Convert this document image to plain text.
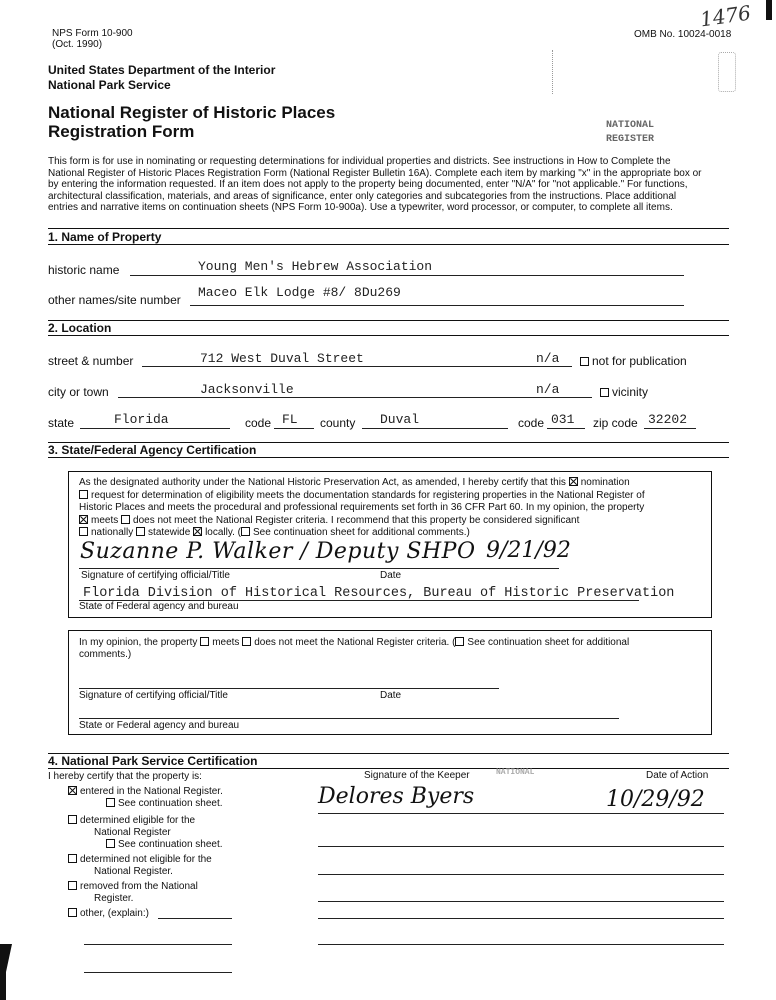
NPS Form 10-900
(Oct. 1990)
OMB No. 10024-0018
1476
United States Department of the Interior
National Park Service
National Register of Historic Places
Registration Form	NATIONAL
REGISTER
This form is for use in nominating or requesting determinations for individual properties and districts. See instructions in How to Complete the
National Register of Historic Places Registration Form (National Register Bulletin 16A). Complete each item by marking "x" in the appropriate box or
by entering the information requested. If an item does not apply to the property being documented, enter "N/A" for "not applicable." For functions,
architectural classification, materials, and areas of significance, enter only categories and subcategories from the instructions. Place additional
entries and narrative items on continuation sheets (NPS Form 10-900a). Use a typewriter, word processor, or computer, to complete all items.
1. Name of Property
historic name	Young Men's Hebrew Association
other names/site number Maceo Elk Lodge #8/ 8Du269
2. Location
street & number	712 West Duval Street	n/a	not for publication
city or town	Jacksonville	n/a	vicinity
state	Florida	code FL county Duval	code 031 zip code 32202
3. State/Federal Agency Certification
As the designated authority under the National Historic Preservation Act, as amended, I hereby certify that this nomination
request for determination of eligibility meets the documentation standards for registering properties in the National Register of
Historic Places and meets the procedural and professional requirements set forth in 36 CFR Part 60. In my opinion, the property
meets does not meet the National Register criteria. I recommend that this property be considered significant
nationally statewide locally. ( See continuation sheet for additional comments.)
Suzanne P. Walker / Deputy SHPO 9/21/92
Signature of certifying official/Title	Date
Florida Division of Historical Resources, Bureau of Historic Preservation
State of Federal agency and bureau
In my opinion, the property meets does not meet the National Register criteria. ( See continuation sheet for additional
comments.)
Signature of certifying official/Title	Date
State or Federal agency and bureau
4. National Park Service Certification
I hereby certify that the property is:	Signature of the Keeper	Date of Action
NATIONAL
entered in the National Register.
See continuation sheet.	Delores Byers	10/29/92
determined eligible for the
National Register
See continuation sheet.
determined not eligible for the
National Register.
removed from the National
Register.
other, (explain:)
